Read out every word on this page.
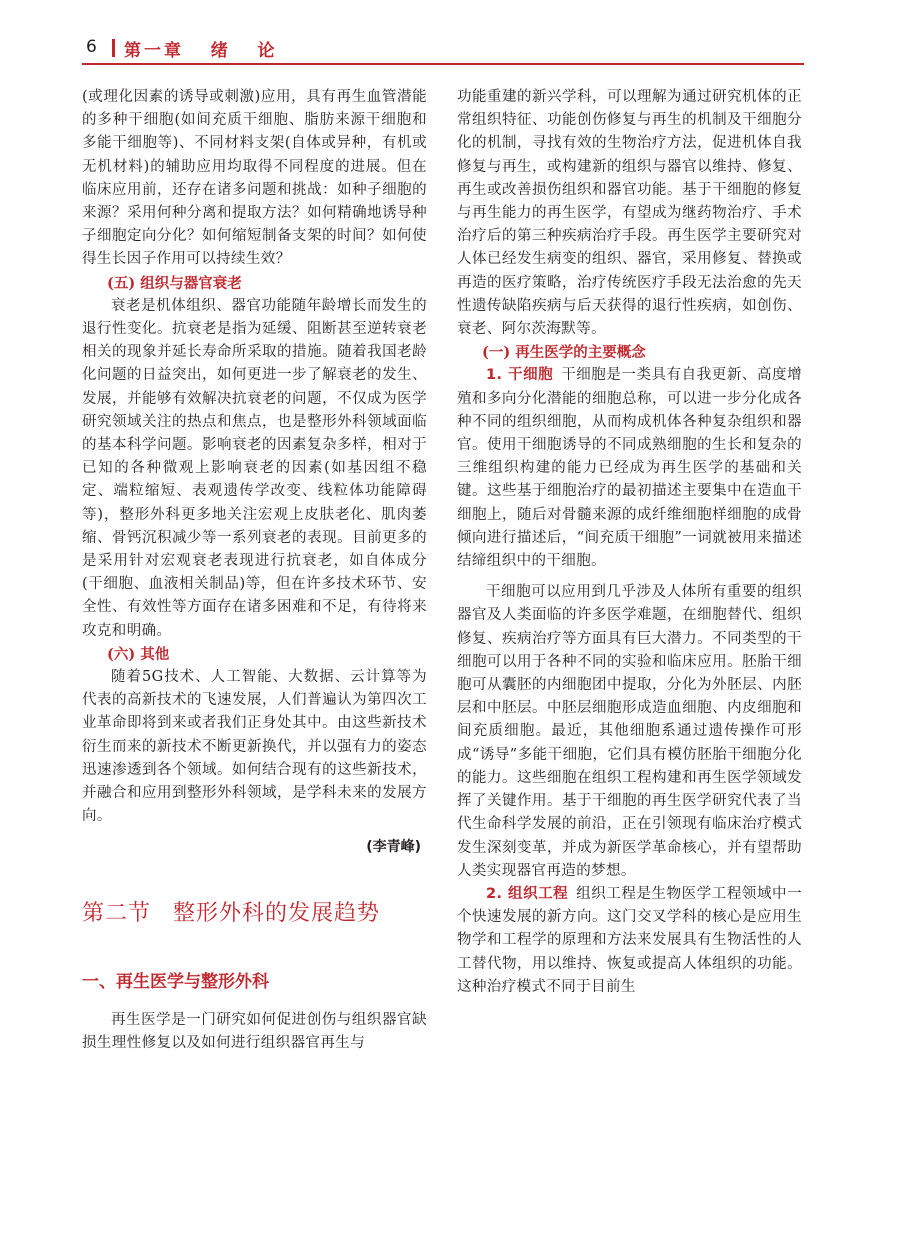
6 第一章   绪   论

(或理化因素的诱导或刺激)应用，具有再生血管潜能的多种干细胞(如间充质干细胞、脂肪来源干细胞和多能干细胞等)、不同材料支架(自体或异种，有机或无机材料)的辅助应用均取得不同程度的进展。但在临床应用前，还存在诸多问题和挑战：如种子细胞的来源？采用何种分离和提取方法？如何精确地诱导种子细胞定向分化？如何缩短制备支架的时间？如何使得生长因子作用可以持续生效？

(五) 组织与器官衰老

衰老是机体组织、器官功能随年龄增长而发生的退行性变化。抗衰老是指为延缓、阻断甚至逆转衰老相关的现象并延长寿命所采取的措施。随着我国老龄化问题的日益突出，如何更进一步了解衰老的发生、发展，并能够有效解决抗衰老的问题，不仅成为医学研究领域关注的热点和焦点，也是整形外科领域面临的基本科学问题。影响衰老的因素复杂多样，相对于已知的各种微观上影响衰老的因素(如基因组不稳定、端粒缩短、表观遗传学改变、线粒体功能障碍等)，整形外科更多地关注宏观上皮肤老化、肌肉萎缩、骨钙沉积减少等一系列衰老的表现。目前更多的是采用针对宏观衰老表现进行抗衰老，如自体成分(干细胞、血液相关制品)等，但在许多技术环节、安全性、有效性等方面存在诸多困难和不足，有待将来攻克和明确。

(六) 其他

随着5G技术、人工智能、大数据、云计算等为代表的高新技术的飞速发展，人们普遍认为第四次工业革命即将到来或者我们正身处其中。由这些新技术衍生而来的新技术不断更新换代，并以强有力的姿态迅速渗透到各个领域。如何结合现有的这些新技术，并融合和应用到整形外科领域，是学科未来的发展方向。

(李青峰)

第二节 整形外科的发展趋势

一、再生医学与整形外科

再生医学是一门研究如何促进创伤与组织器官缺损生理性修复以及如何进行组织器官再生与

功能重建的新兴学科，可以理解为通过研究机体的正常组织特征、功能创伤修复与再生的机制及干细胞分化的机制，寻找有效的生物治疗方法，促进机体自我修复与再生，或构建新的组织与器官以维持、修复、再生或改善损伤组织和器官功能。基于干细胞的修复与再生能力的再生医学，有望成为继药物治疗、手术治疗后的第三种疾病治疗手段。再生医学主要研究对人体已经发生病变的组织、器官，采用修复、替换或再造的医疗策略，治疗传统医疗手段无法治愈的先天性遗传缺陷疾病与后天获得的退行性疾病，如创伤、衰老、阿尔茨海默等。

(一) 再生医学的主要概念

1. 干细胞 干细胞是一类具有自我更新、高度增殖和多向分化潜能的细胞总称，可以进一步分化成各种不同的组织细胞，从而构成机体各种复杂组织和器官。使用干细胞诱导的不同成熟细胞的生长和复杂的三维组织构建的能力已经成为再生医学的基础和关键。这些基于细胞治疗的最初描述主要集中在造血干细胞上，随后对骨髓来源的成纤维细胞样细胞的成骨倾向进行描述后，“间充质干细胞”一词就被用来描述结缔组织中的干细胞。

干细胞可以应用到几乎涉及人体所有重要的组织器官及人类面临的许多医学难题，在细胞替代、组织修复、疾病治疗等方面具有巨大潜力。不同类型的干细胞可以用于各种不同的实验和临床应用。胚胎干细胞可从囊胚的内细胞团中提取，分化为外胚层、内胚层和中胚层。中胚层细胞形成造血细胞、内皮细胞和间充质细胞。最近，其他细胞系通过遗传操作可形成“诱导”多能干细胞，它们具有模仿胚胎干细胞分化的能力。这些细胞在组织工程构建和再生医学领域发挥了关键作用。基于干细胞的再生医学研究代表了当代生命科学发展的前沿，正在引领现有临床治疗模式发生深刻变革，并成为新医学革命核心，并有望帮助人类实现器官再造的梦想。

2. 组织工程 组织工程是生物医学工程领域中一个快速发展的新方向。这门交叉学科的核心是应用生物学和工程学的原理和方法来发展具有生物活性的人工替代物，用以维持、恢复或提高人体组织的功能。这种治疗模式不同于目前生
